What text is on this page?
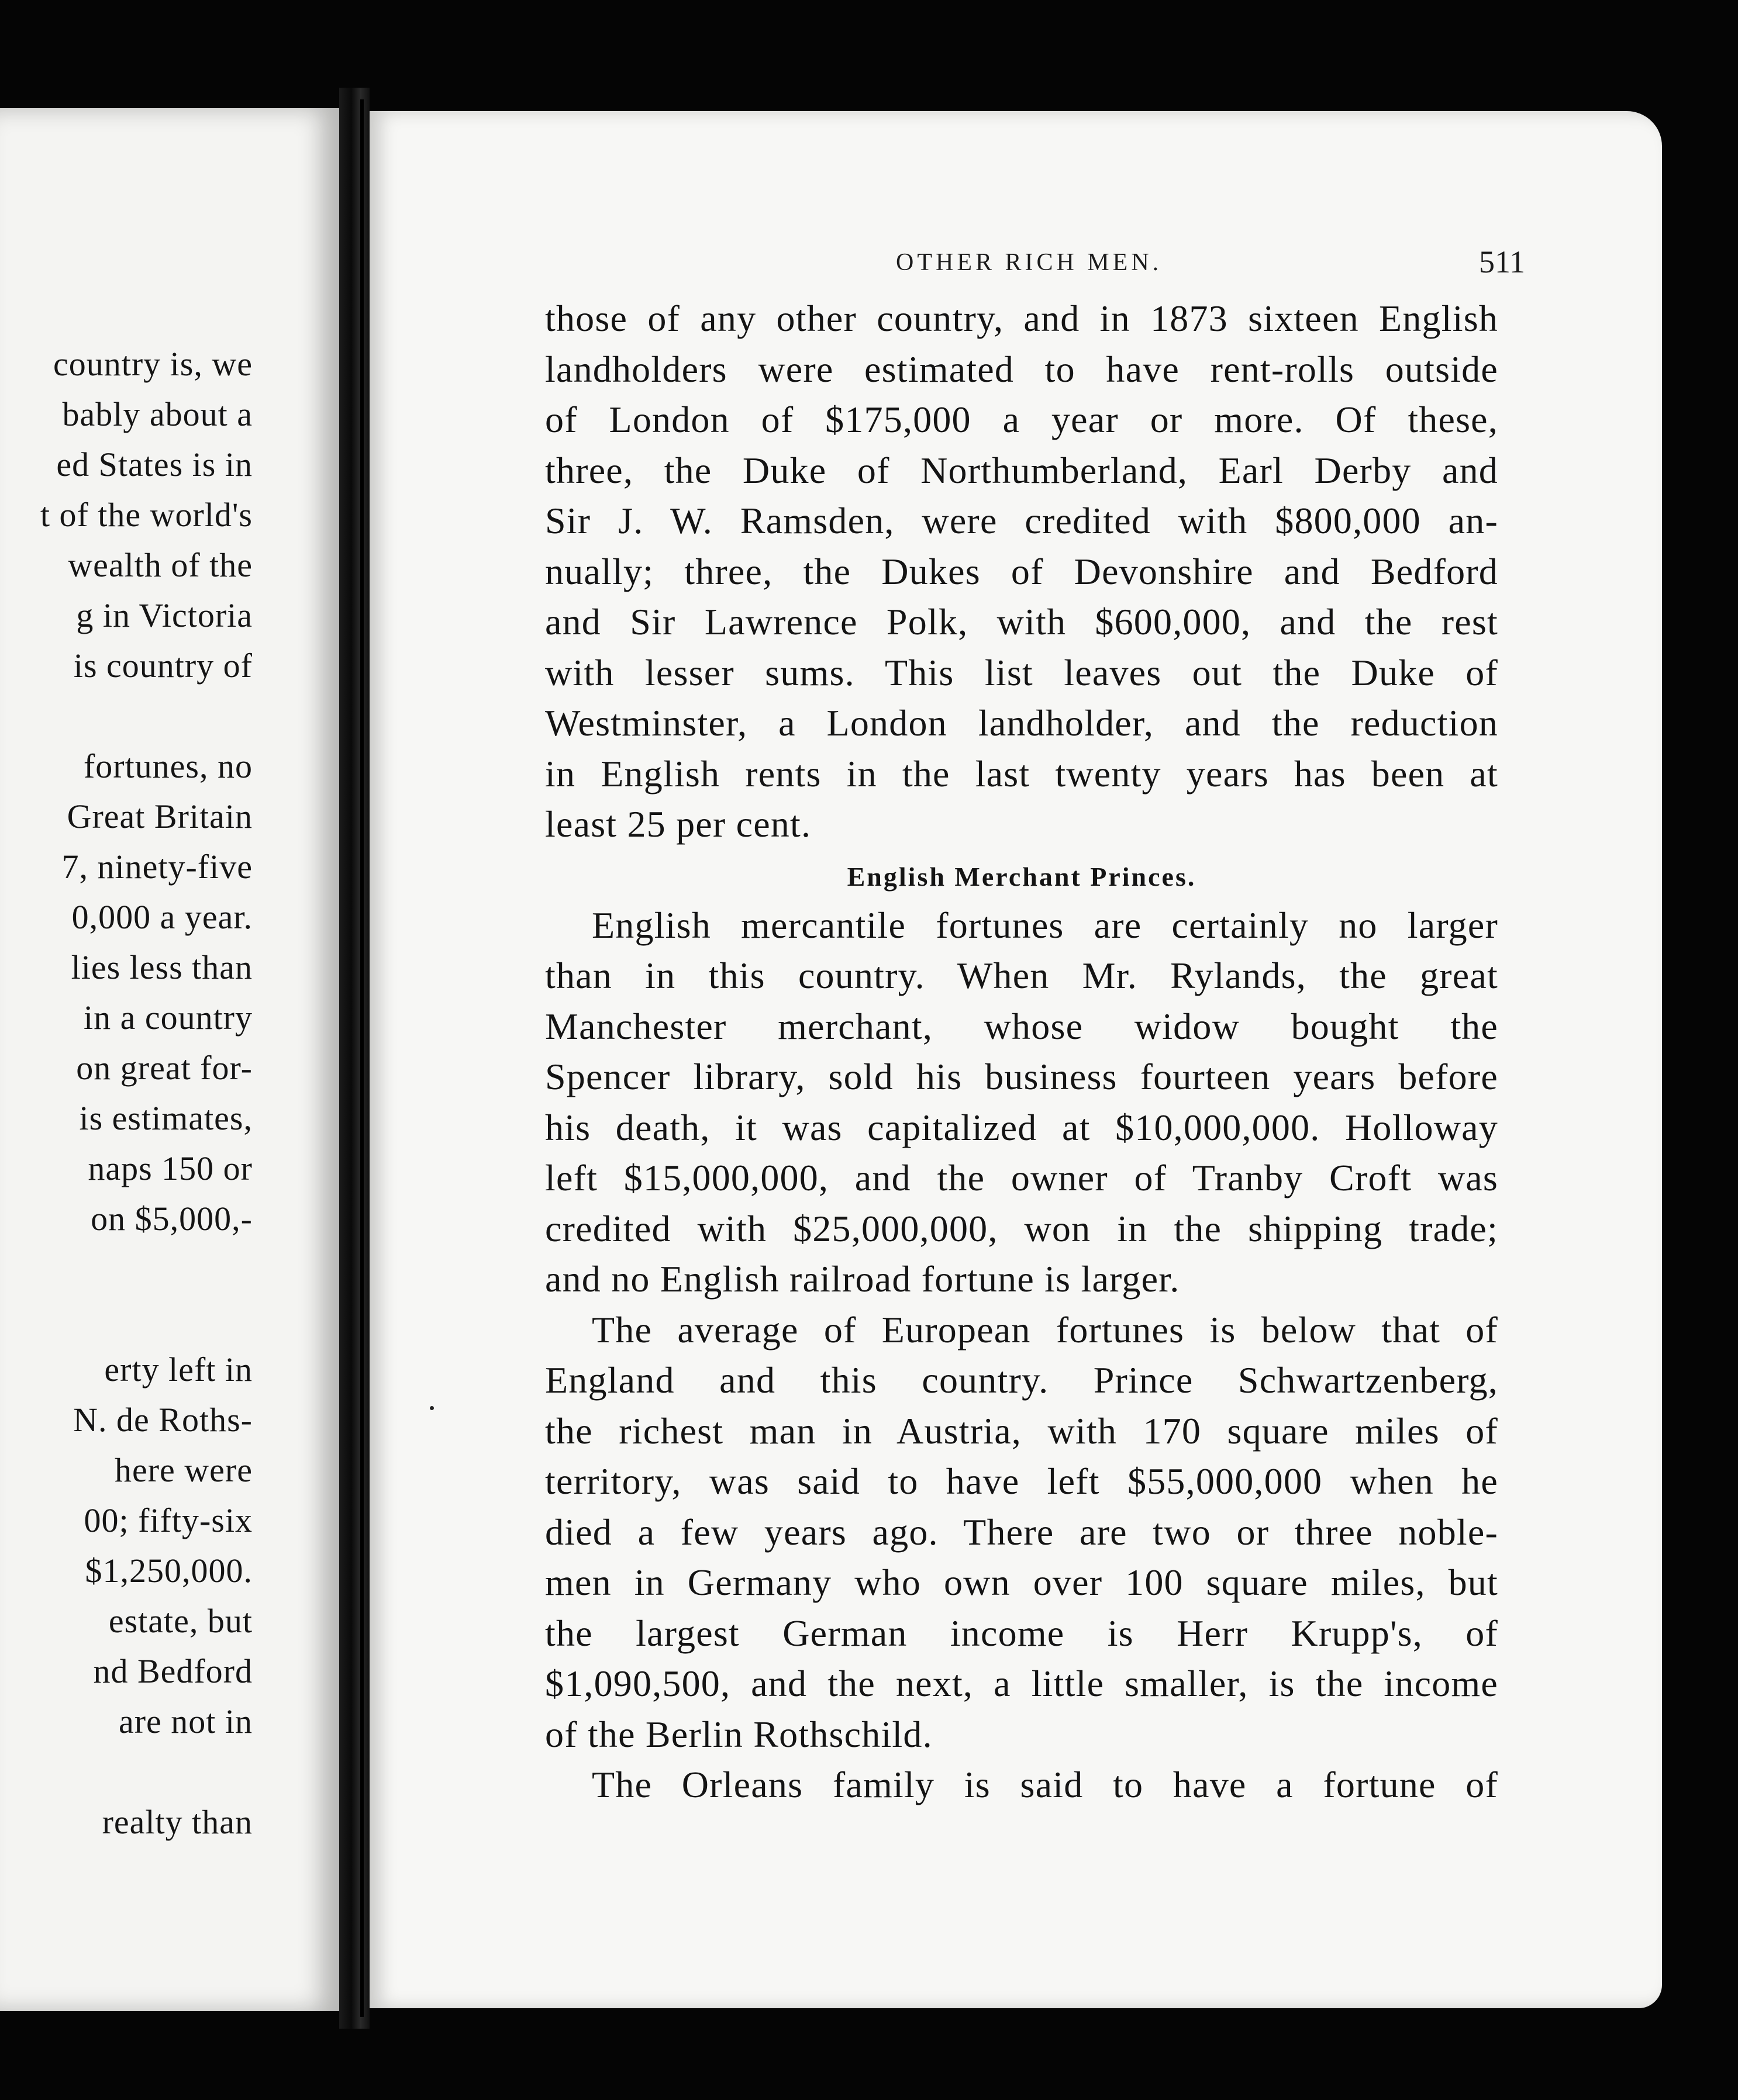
country is, we
bably about a
ed States is in
t of the world's
wealth of the
g in Victoria
is country of
fortunes, no
Great Britain
7, ninety-five
0,000 a year.
lies less than
in a country
on great for-
is estimates,
naps 150 or
on $5,000,-
erty left in
N. de Roths-
here were
00; fifty-six
$1,250,000.
estate, but
nd Bedford
are not in
realty than
OTHER RICH MEN.	511
those of any other country, and in 1873 sixteen English
landholders were estimated to have rent-rolls outside
of London of $175,000 a year or more. Of these,
three, the Duke of Northumberland, Earl Derby and
Sir J. W. Ramsden, were credited with $800,000 an-
nually; three, the Dukes of Devonshire and Bedford
and Sir Lawrence Polk, with $600,000, and the rest
with lesser sums. This list leaves out the Duke of
Westminster, a London landholder, and the reduction
in English rents in the last twenty years has been at
least 25 per cent.
English Merchant Princes.
English mercantile fortunes are certainly no larger
than in this country. When Mr. Rylands, the great
Manchester merchant, whose widow bought the
Spencer library, sold his business fourteen years before
his death, it was capitalized at $10,000,000. Holloway
left $15,000,000, and the owner of Tranby Croft was
credited with $25,000,000, won in the shipping trade;
and no English railroad fortune is larger.
The average of European fortunes is below that of
England and this country. Prince Schwartzenberg,
the richest man in Austria, with 170 square miles of
territory, was said to have left $55,000,000 when he
died a few years ago. There are two or three noble-
men in Germany who own over 100 square miles, but
the largest German income is Herr Krupp's, of
$1,090,500, and the next, a little smaller, is the income
of the Berlin Rothschild.
The Orleans family is said to have a fortune of
